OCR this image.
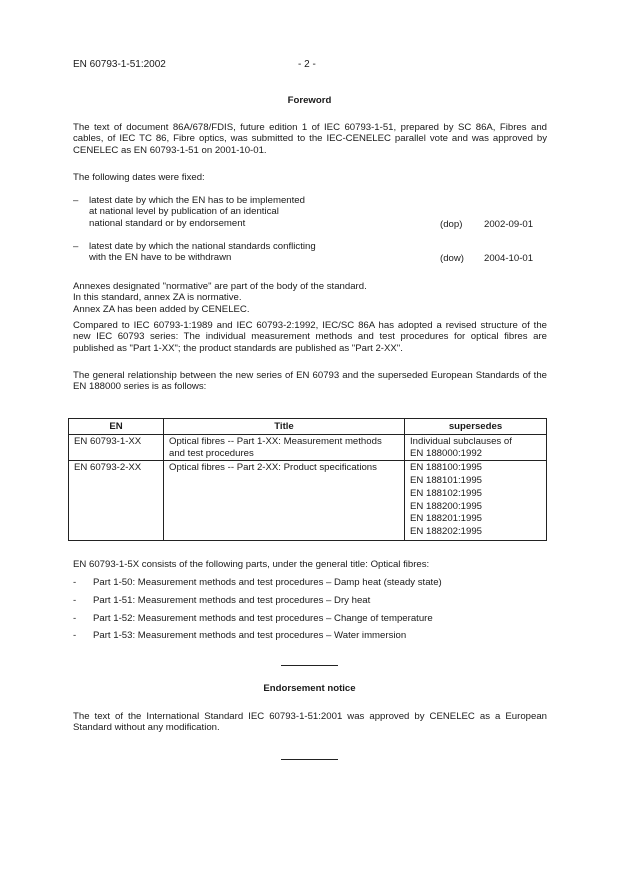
EN 60793-1-51:2002	- 2 -
Foreword
The text of document 86A/678/FDIS, future edition 1 of IEC 60793-1-51, prepared by SC 86A, Fibres and cables, of IEC TC 86, Fibre optics, was submitted to the IEC-CENELEC parallel vote and was approved by CENELEC as EN 60793-1-51 on 2001-10-01.
The following dates were fixed:
– latest date by which the EN has to be implemented
at national level by publication of an identical
national standard or by endorsement	(dop) 2002-09-01
– latest date by which the national standards conflicting
with the EN have to be withdrawn	(dow) 2004-10-01
Annexes designated "normative" are part of the body of the standard.
In this standard, annex ZA is normative.
Annex ZA has been added by CENELEC.
Compared to IEC 60793-1:1989 and IEC 60793-2:1992, IEC/SC 86A has adopted a revised structure of the new IEC 60793 series: The individual measurement methods and test procedures for optical fibres are published as "Part 1-XX"; the product standards are published as "Part 2-XX".
The general relationship between the new series of EN 60793 and the superseded European Standards of the EN 188000 series is as follows:
EN	Title	supersedes
EN 60793-1-XX	Optical fibres -- Part 1-XX: Measurement methods and test procedures	Individual subclauses of
EN 188000:1992

EN 60793-2-XX	Optical fibres -- Part 2-XX: Product specifications	EN 188100:1995
EN 188101:1995
EN 188102:1995
EN 188200:1995
EN 188201:1995
EN 188202:1995
EN 60793-1-5X consists of the following parts, under the general title: Optical fibres:
- Part 1-50: Measurement methods and test procedures – Damp heat (steady state)
- Part 1-51: Measurement methods and test procedures – Dry heat
- Part 1-52: Measurement methods and test procedures – Change of temperature
- Part 1-53: Measurement methods and test procedures – Water immersion
Endorsement notice
The text of the International Standard IEC 60793-1-51:2001 was approved by CENELEC as a European Standard without any modification.
